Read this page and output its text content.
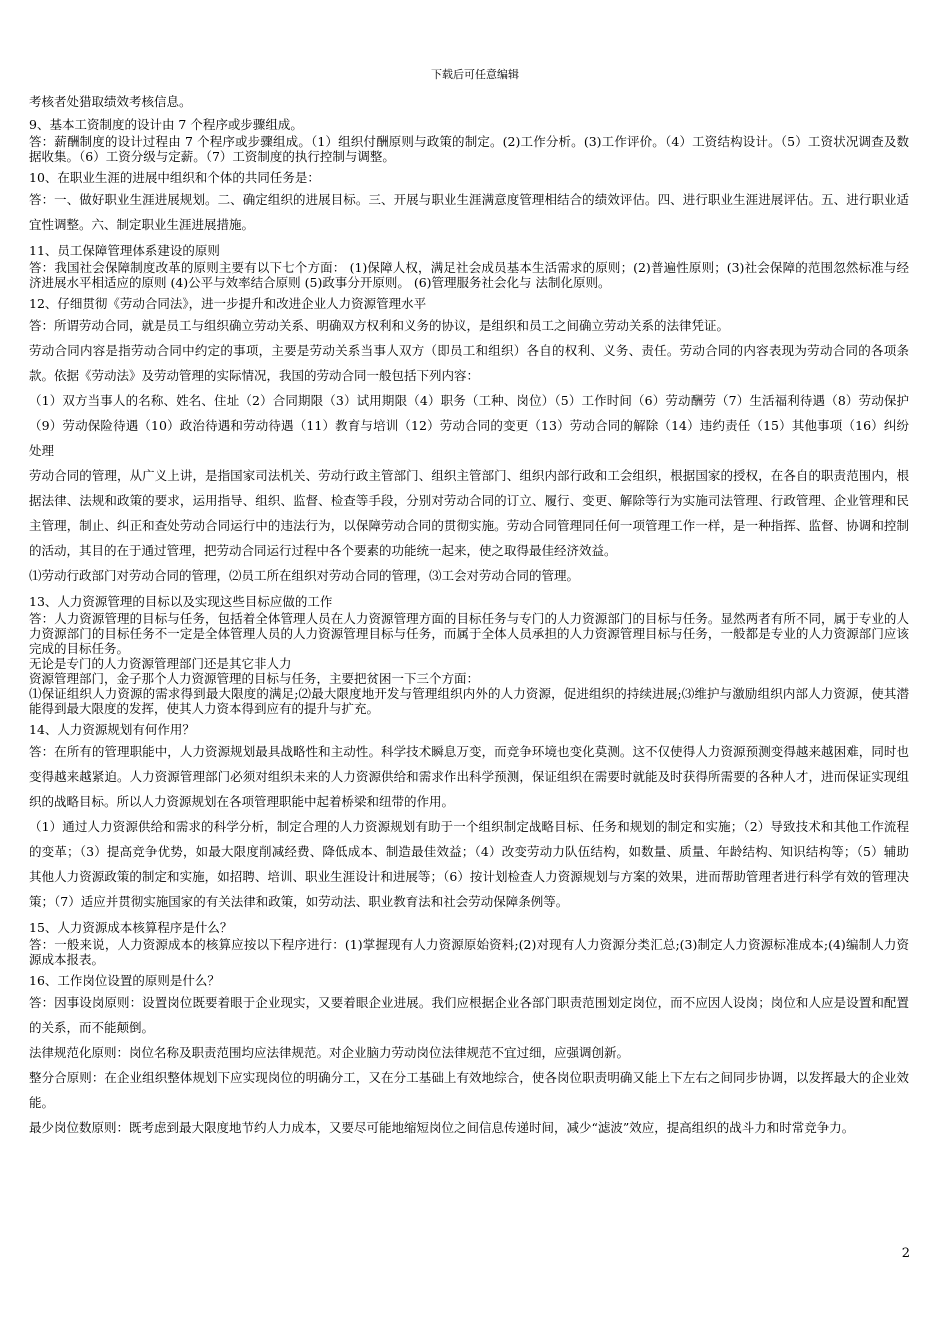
下载后可任意编辑

考核者处猎取绩效考核信息。

9、基本工资制度的设计由 7 个程序或步骤组成。

答：薪酬制度的设计过程由 7 个程序或步骤组成。（1）组织付酬原则与政策的制定。(2)工作分析。(3)工作评价。（4）工资结构设计。（5）工资状况调查及数据收集。（6）工资分级与定薪。（7）工资制度的执行控制与调整。

10、在职业生涯的进展中组织和个体的共同任务是：

答：一、做好职业生涯进展规划。二、确定组织的进展目标。三、开展与职业生涯满意度管理相结合的绩效评估。四、进行职业生涯进展评估。五、进行职业适宜性调整。六、制定职业生涯进展措施。

11、员工保障管理体系建设的原则

答：我国社会保障制度改革的原则主要有以下七个方面： (1)保障人权，满足社会成员基本生活需求的原则；(2)普遍性原则；(3)社会保障的范围忽然标准与经济进展水平相适应的原则 (4)公平与效率结合原则 (5)政事分开原则。 (6)管理服务社会化与 法制化原则。

12、仔细贯彻《劳动合同法》，进一步提升和改进企业人力资源管理水平

答：所谓劳动合同，就是员工与组织确立劳动关系、明确双方权利和义务的协议，是组织和员工之间确立劳动关系的法律凭证。

劳动合同内容是指劳动合同中约定的事项，主要是劳动关系当事人双方（即员工和组织）各自的权利、义务、责任。劳动合同的内容表现为劳动合同的各项条款。依据《劳动法》及劳动管理的实际情况，我国的劳动合同一般包括下列内容：

（1）双方当事人的名称、姓名、住址（2）合同期限（3）试用期限（4）职务（工种、岗位）（5）工作时间（6）劳动酬劳（7）生活福利待遇（8）劳动保护（9）劳动保险待遇（10）政治待遇和劳动待遇（11）教育与培训（12）劳动合同的变更（13）劳动合同的解除（14）违约责任（15）其他事项（16）纠纷处理

劳动合同的管理，从广义上讲，是指国家司法机关、劳动行政主管部门、组织主管部门、组织内部行政和工会组织，根据国家的授权，在各自的职责范围内，根据法律、法规和政策的要求，运用指导、组织、监督、检查等手段，分别对劳动合同的订立、履行、变更、解除等行为实施司法管理、行政管理、企业管理和民主管理，制止、纠正和查处劳动合同运行中的违法行为，以保障劳动合同的贯彻实施。劳动合同管理同任何一项管理工作一样，是一种指挥、监督、协调和控制的活动，其目的在于通过管理，把劳动合同运行过程中各个要素的功能统一起来，使之取得最佳经济效益。

⑴劳动行政部门对劳动合同的管理，⑵员工所在组织对劳动合同的管理，⑶工会对劳动合同的管理。

13、人力资源管理的目标以及实现这些目标应做的工作

答：人力资源管理的目标与任务，包括着全体管理人员在人力资源管理方面的目标任务与专门的人力资源部门的目标与任务。显然两者有所不同，属于专业的人力资源部门的目标任务不一定是全体管理人员的人力资源管理目标与任务，而属于全体人员承担的人力资源管理目标与任务，一般都是专业的人力资源部门应该完成的目标任务。

无论是专门的人力资源管理部门还是其它非人力

资源管理部门，金子那个人力资源管理的目标与任务，主要把贫困一下三个方面：

⑴保证组织人力资源的需求得到最大限度的满足;⑵最大限度地开发与管理组织内外的人力资源，促进组织的持续进展;⑶维护与激励组织内部人力资源，使其潜能得到最大限度的发挥，使其人力资本得到应有的提升与扩充。

14、人力资源规划有何作用？

答：在所有的管理职能中，人力资源规划最具战略性和主动性。科学技术瞬息万变，而竞争环境也变化莫测。这不仅使得人力资源预测变得越来越困难，同时也变得越来越紧迫。人力资源管理部门必须对组织未来的人力资源供给和需求作出科学预测，保证组织在需要时就能及时获得所需要的各种人才，进而保证实现组织的战略目标。所以人力资源规划在各项管理职能中起着桥梁和纽带的作用。

（1）通过人力资源供给和需求的科学分析，制定合理的人力资源规划有助于一个组织制定战略目标、任务和规划的制定和实施；（2）导致技术和其他工作流程的变革；（3）提高竞争优势，如最大限度削减经费、降低成本、制造最佳效益；（4）改变劳动力队伍结构，如数量、质量、年龄结构、知识结构等；（5）辅助其他人力资源政策的制定和实施，如招聘、培训、职业生涯设计和进展等；（6）按计划检查人力资源规划与方案的效果，进而帮助管理者进行科学有效的管理决策；（7）适应并贯彻实施国家的有关法律和政策，如劳动法、职业教育法和社会劳动保障条例等。

15、人力资源成本核算程序是什么？

答：一般来说，人力资源成本的核算应按以下程序进行：(1)掌握现有人力资源原始资料;(2)对现有人力资源分类汇总;(3)制定人力资源标准成本;(4)编制人力资源成本报表。

16、工作岗位设置的原则是什么？

答：因事设岗原则：设置岗位既要着眼于企业现实，又要着眼企业进展。我们应根据企业各部门职责范围划定岗位，而不应因人设岗；岗位和人应是设置和配置的关系，而不能颠倒。

法律规范化原则：岗位名称及职责范围均应法律规范。对企业脑力劳动岗位法律规范不宜过细，应强调创新。

整分合原则：在企业组织整体规划下应实现岗位的明确分工，又在分工基础上有效地综合，使各岗位职责明确又能上下左右之间同步协调，以发挥最大的企业效能。

最少岗位数原则：既考虑到最大限度地节约人力成本，又要尽可能地缩短岗位之间信息传递时间，减少“滤波”效应，提高组织的战斗力和时常竞争力。

2
